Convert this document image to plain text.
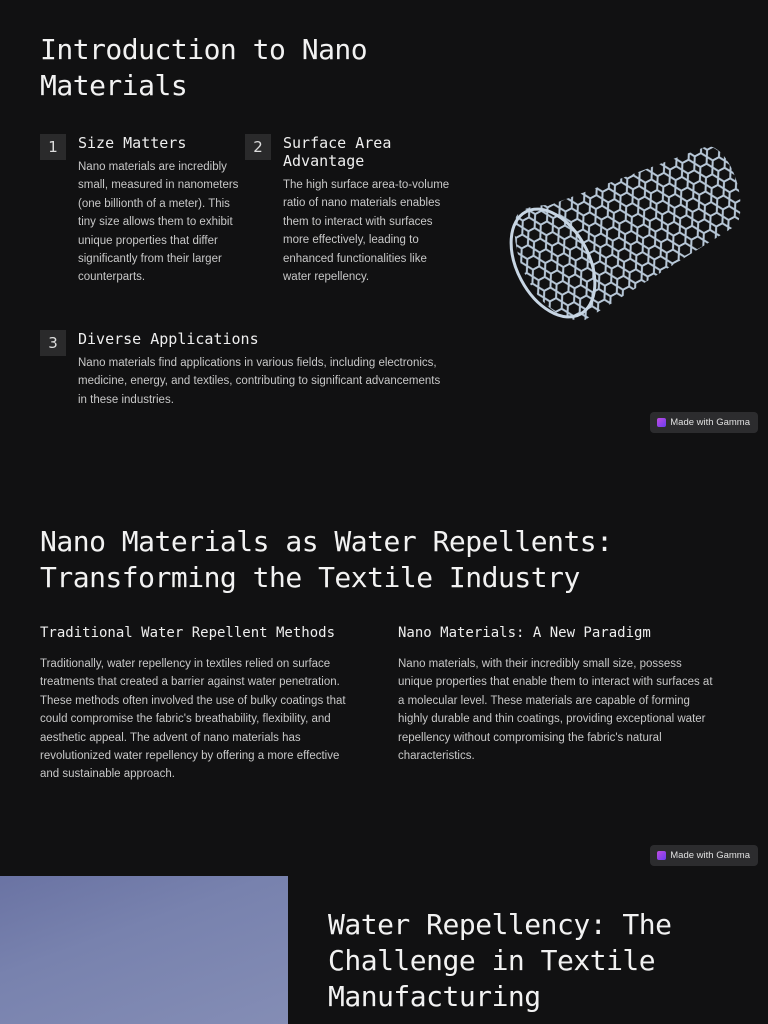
Introduction to Nano Materials
1	Size Matters
Nano materials are incredibly small, measured in nanometers (one billionth of a meter). This tiny size allows them to exhibit unique properties that differ significantly from their larger counterparts.
2	Surface Area Advantage
The high surface area-to-volume ratio of nano materials enables them to interact with surfaces more effectively, leading to enhanced functionalities like water repellency.
3	Diverse Applications
Nano materials find applications in various fields, including electronics, medicine, energy, and textiles, contributing to significant advancements in these industries.
Made with Gamma
Nano Materials as Water Repellents: Transforming the Textile Industry
Traditional Water Repellent Methods
Traditionally, water repellency in textiles relied on surface treatments that created a barrier against water penetration. These methods often involved the use of bulky coatings that could compromise the fabric's breathability, flexibility, and aesthetic appeal. The advent of nano materials has revolutionized water repellency by offering a more effective and sustainable approach.
Nano Materials: A New Paradigm
Nano materials, with their incredibly small size, possess unique properties that enable them to interact with surfaces at a molecular level. These materials are capable of forming highly durable and thin coatings, providing exceptional water repellency without compromising the fabric's natural characteristics.
Made with Gamma
Water Repellency: The Challenge in Textile Manufacturing
